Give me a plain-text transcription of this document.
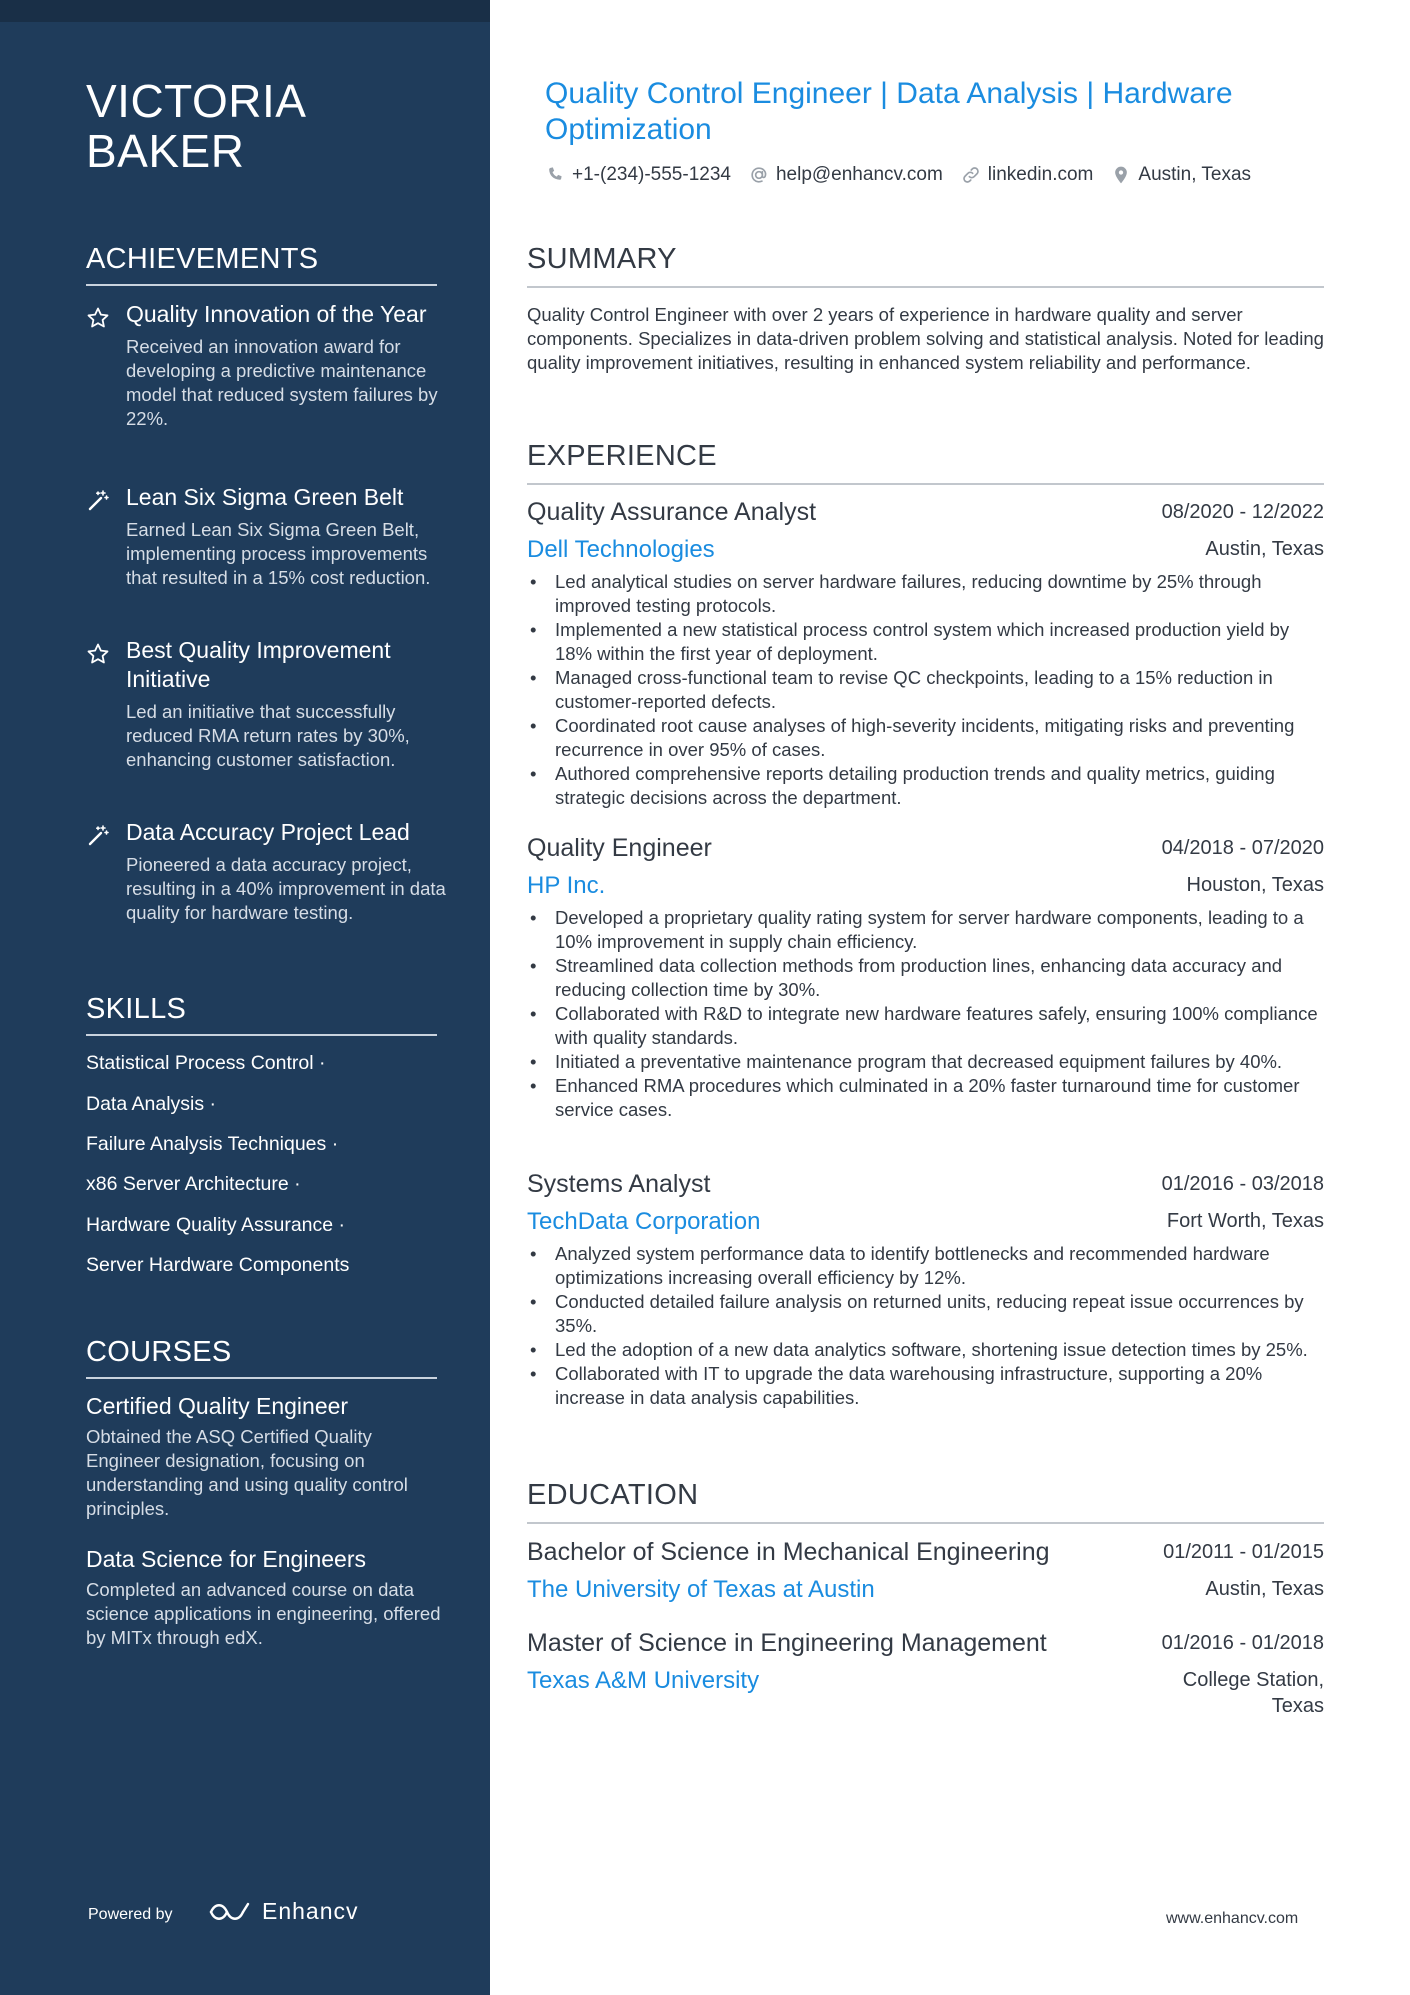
VICTORIA
BAKER
ACHIEVEMENTS
Quality Innovation of the Year
Received an innovation award for developing a predictive maintenance model that reduced system failures by 22%.
Lean Six Sigma Green Belt
Earned Lean Six Sigma Green Belt, implementing process improvements that resulted in a 15% cost reduction.
Best Quality Improvement Initiative
Led an initiative that successfully reduced RMA return rates by 30%, enhancing customer satisfaction.
Data Accuracy Project Lead
Pioneered a data accuracy project, resulting in a 40% improvement in data quality for hardware testing.
SKILLS
Statistical Process Control ·
Data Analysis ·
Failure Analysis Techniques ·
x86 Server Architecture ·
Hardware Quality Assurance ·
Server Hardware Components
COURSES
Certified Quality Engineer
Obtained the ASQ Certified Quality Engineer designation, focusing on understanding and using quality control principles.
Data Science for Engineers
Completed an advanced course on data science applications in engineering, offered by MITx through edX.
Powered by	Enhancv
Quality Control Engineer | Data Analysis | Hardware Optimization
+1-(234)-555-1234 help@enhancv.com linkedin.com Austin, Texas
SUMMARY
Quality Control Engineer with over 2 years of experience in hardware quality and server components. Specializes in data-driven problem solving and statistical analysis. Noted for leading quality improvement initiatives, resulting in enhanced system reliability and performance.
EXPERIENCE
Quality Assurance Analyst	08/2020 - 12/2022
Dell Technologies	Austin, Texas
• Led analytical studies on server hardware failures, reducing downtime by 25% through improved testing protocols.
• Implemented a new statistical process control system which increased production yield by 18% within the first year of deployment.
• Managed cross-functional team to revise QC checkpoints, leading to a 15% reduction in customer-reported defects.
• Coordinated root cause analyses of high-severity incidents, mitigating risks and preventing recurrence in over 95% of cases.
• Authored comprehensive reports detailing production trends and quality metrics, guiding strategic decisions across the department.
Quality Engineer	04/2018 - 07/2020
HP Inc.	Houston, Texas
• Developed a proprietary quality rating system for server hardware components, leading to a 10% improvement in supply chain efficiency.
• Streamlined data collection methods from production lines, enhancing data accuracy and reducing collection time by 30%.
• Collaborated with R&D to integrate new hardware features safely, ensuring 100% compliance with quality standards.
• Initiated a preventative maintenance program that decreased equipment failures by 40%.
• Enhanced RMA procedures which culminated in a 20% faster turnaround time for customer service cases.
Systems Analyst	01/2016 - 03/2018
TechData Corporation	Fort Worth, Texas
• Analyzed system performance data to identify bottlenecks and recommended hardware optimizations increasing overall efficiency by 12%.
• Conducted detailed failure analysis on returned units, reducing repeat issue occurrences by 35%.
• Led the adoption of a new data analytics software, shortening issue detection times by 25%.
• Collaborated with IT to upgrade the data warehousing infrastructure, supporting a 20% increase in data analysis capabilities.
EDUCATION
Bachelor of Science in Mechanical Engineering	01/2011 - 01/2015
The University of Texas at Austin	Austin, Texas
Master of Science in Engineering Management	01/2016 - 01/2018
Texas A&M University	College Station,
Texas
www.enhancv.com
